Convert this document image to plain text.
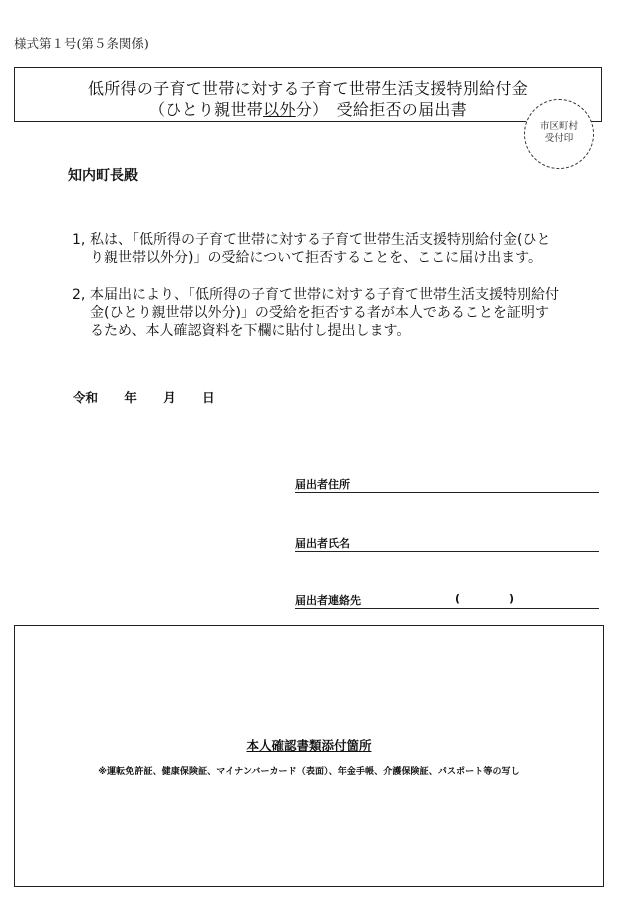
様式第１号(第５条関係)
低所得の子育て世帯に対する子育て世帯生活支援特別給付金
（ひとり親世帯以外分）　受給拒否の届出書
市区町村
受付印
知内町長殿
1, 私は、「低所得の子育て世帯に対する子育て世帯生活支援特別給付金(ひとり親世帯以外分)」の受給について拒否することを、ここに届け出ます。
2, 本届出により、「低所得の子育て世帯に対する子育て世帯生活支援特別給付金(ひとり親世帯以外分)」の受給を拒否する者が本人であることを証明するため、本人確認資料を下欄に貼付し提出します。
令和 年 月 日
届出者住所
届出者氏名
届出者連絡先	(	)
本人確認書類添付箇所
※運転免許証、健康保険証、マイナンバーカード（表面）、年金手帳、介護保険証、パスポート等の写し
